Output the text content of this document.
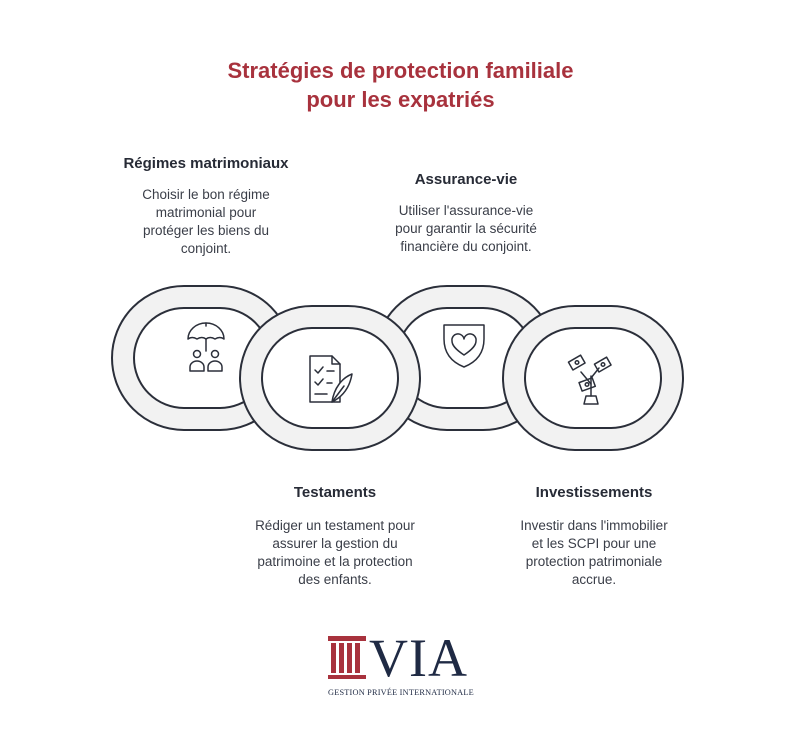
Stratégies de protection familiale
pour les expatriés
Régimes matrimoniaux

Choisir le bon régime
matrimonial pour
protéger les biens du
conjoint.

Assurance-vie

Utiliser l'assurance-vie
pour garantir la sécurité
financière du conjoint.

Testaments

Rédiger un testament pour
assurer la gestion du
patrimoine et la protection
des enfants.

Investissements

Investir dans l'immobilier
et les SCPI pour une
protection patrimoniale
accrue.

VIA
GESTION PRIVÉE INTERNATIONALE
